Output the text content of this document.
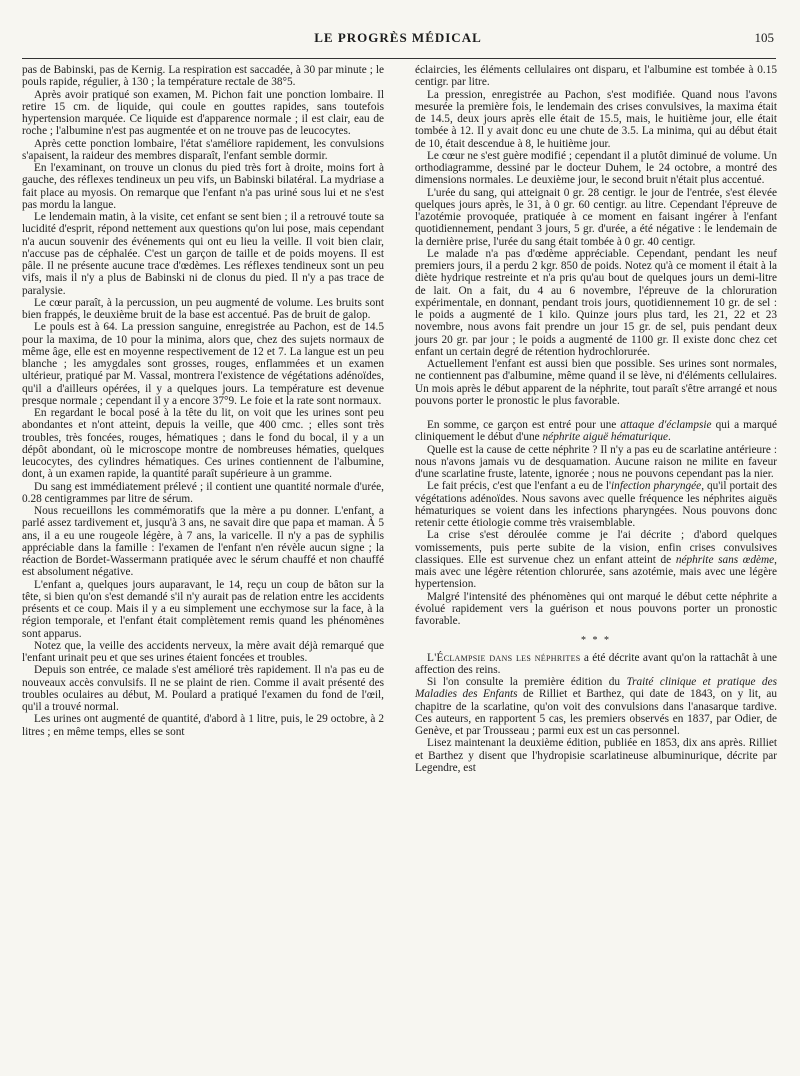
LE PROGRÈS MÉDICAL	105

pas de Babinski, pas de Kernig. La respiration est saccadée, à 30 par minute ; le pouls rapide, régulier, à 130 ; la température rectale de 38°5.

Après avoir pratiqué son examen, M. Pichon fait une ponction lombaire. Il retire 15 cm. de liquide, qui coule en gouttes rapides, sans toutefois hypertension marquée. Ce liquide est d'apparence normale ; il est clair, eau de roche ; l'albumine n'est pas augmentée et on ne trouve pas de leucocytes.

Après cette ponction lombaire, l'état s'améliore rapidement, les convulsions s'apaisent, la raideur des membres disparaît, l'enfant semble dormir.

En l'examinant, on trouve un clonus du pied très fort à droite, moins fort à gauche, des réflexes tendineux un peu vifs, un Babinski bilatéral. La mydriase a fait place au myosis. On remarque que l'enfant n'a pas uriné sous lui et ne s'est pas mordu la langue.

Le lendemain matin, à la visite, cet enfant se sent bien ; il a retrouvé toute sa lucidité d'esprit, répond nettement aux questions qu'on lui pose, mais cependant n'a aucun souvenir des événements qui ont eu lieu la veille. Il voit bien clair, n'accuse pas de céphalée. C'est un garçon de taille et de poids moyens. Il est pâle. Il ne présente aucune trace d'œdèmes. Les réflexes tendineux sont un peu vifs, mais il n'y a plus de Babinski ni de clonus du pied. Il n'y a pas trace de paralysie.

Le cœur paraît, à la percussion, un peu augmenté de volume. Les bruits sont bien frappés, le deuxième bruit de la base est accentué. Pas de bruit de galop.

Le pouls est à 64. La pression sanguine, enregistrée au Pachon, est de 14.5 pour la maxima, de 10 pour la minima, alors que, chez des sujets normaux de même âge, elle est en moyenne respectivement de 12 et 7. La langue est un peu blanche ; les amygdales sont grosses, rouges, enflammées et un examen ultérieur, pratiqué par M. Vassal, montrera l'existence de végétations adénoïdes, qu'il a d'ailleurs opérées, il y a quelques jours. La température est devenue presque normale ; cependant il y a encore 37°9. Le foie et la rate sont normaux.

En regardant le bocal posé à la tête du lit, on voit que les urines sont peu abondantes et n'ont atteint, depuis la veille, que 400 cmc. ; elles sont très troubles, très foncées, rouges, hématiques ; dans le fond du bocal, il y a un dépôt abondant, où le microscope montre de nombreuses hématies, quelques leucocytes, des cylindres hématiques. Ces urines contiennent de l'albumine, dont, à un examen rapide, la quantité paraît supérieure à un gramme.

Du sang est immédiatement prélevé ; il contient une quantité normale d'urée, 0.28 centigrammes par litre de sérum.

Nous recueillons les commémoratifs que la mère a pu donner. L'enfant, a parlé assez tardivement et, jusqu'à 3 ans, ne savait dire que papa et maman. À 5 ans, il a eu une rougeole légère, à 7 ans, la varicelle. Il n'y a pas de syphilis appréciable dans la famille : l'examen de l'enfant n'en révèle aucun signe ; la réaction de Bordet-Wassermann pratiquée avec le sérum chauffé et non chauffé est absolument négative.

L'enfant a, quelques jours auparavant, le 14, reçu un coup de bâton sur la tête, si bien qu'on s'est demandé s'il n'y aurait pas de relation entre les accidents présents et ce coup. Mais il y a eu simplement une ecchymose sur la face, à la région temporale, et l'enfant était complètement remis quand les phénomènes sont apparus.

Notez que, la veille des accidents nerveux, la mère avait déjà remarqué que l'enfant urinait peu et que ses urines étaient foncées et troubles.

Depuis son entrée, ce malade s'est amélioré très rapidement. Il n'a pas eu de nouveaux accès convulsifs. Il ne se plaint de rien. Comme il avait présenté des troubles oculaires au début, M. Poulard a pratiqué l'examen du fond de l'œil, qu'il a trouvé normal.

Les urines ont augmenté de quantité, d'abord à 1 litre, puis, le 29 octobre, à 2 litres ; en même temps, elles se sont

éclaircies, les éléments cellulaires ont disparu, et l'albumine est tombée à 0.15 centigr. par litre.

La pression, enregistrée au Pachon, s'est modifiée. Quand nous l'avons mesurée la première fois, le lendemain des crises convulsives, la maxima était de 14.5, deux jours après elle était de 15.5, mais, le huitième jour, elle était tombée à 12. Il y avait donc eu une chute de 3.5. La minima, qui au début était de 10, était descendue à 8, le huitième jour.

Le cœur ne s'est guère modifié ; cependant il a plutôt diminué de volume. Un orthodiagramme, dessiné par le docteur Duhem, le 24 octobre, a montré des dimensions normales. Le deuxième jour, le second bruit n'était plus accentué.

L'urée du sang, qui atteignait 0 gr. 28 centigr. le jour de l'entrée, s'est élevée quelques jours après, le 31, à 0 gr. 60 centigr. au litre. Cependant l'épreuve de l'azotémie provoquée, pratiquée à ce moment en faisant ingérer à l'enfant quotidiennement, pendant 3 jours, 5 gr. d'urée, a été négative : le lendemain de la dernière prise, l'urée du sang était tombée à 0 gr. 40 centigr.

Le malade n'a pas d'œdème appréciable. Cependant, pendant les neuf premiers jours, il a perdu 2 kgr. 850 de poids. Notez qu'à ce moment il était à la diète hydrique restreinte et n'a pris qu'au bout de quelques jours un demi-litre de lait. On a fait, du 4 au 6 novembre, l'épreuve de la chloruration expérimentale, en donnant, pendant trois jours, quotidiennement 10 gr. de sel : le poids a augmenté de 1 kilo. Quinze jours plus tard, les 21, 22 et 23 novembre, nous avons fait prendre un jour 15 gr. de sel, puis pendant deux jours 20 gr. par jour ; le poids a augmenté de 1100 gr. Il existe donc chez cet enfant un certain degré de rétention hydrochlorurée.

Actuellement l'enfant est aussi bien que possible. Ses urines sont normales, ne contiennent pas d'albumine, même quand il se lève, ni d'éléments cellulaires. Un mois après le début apparent de la néphrite, tout paraît s'être arrangé et nous pouvons porter le pronostic le plus favorable.

En somme, ce garçon est entré pour une attaque d'éclampsie qui a marqué cliniquement le début d'une néphrite aiguë hématurique.

Quelle est la cause de cette néphrite ? Il n'y a pas eu de scarlatine antérieure : nous n'avons jamais vu de desquamation. Aucune raison ne milite en faveur d'une scarlatine fruste, latente, ignorée ; nous ne pouvons cependant pas la nier.

Le fait précis, c'est que l'enfant a eu de l'infection pharyngée, qu'il portait des végétations adénoïdes. Nous savons avec quelle fréquence les néphrites aiguës hématuriques se voient dans les infections pharyngées. Nous pouvons donc retenir cette étiologie comme très vraisemblable.

La crise s'est déroulée comme je l'ai décrite ; d'abord quelques vomissements, puis perte subite de la vision, enfin crises convulsives classiques. Elle est survenue chez un enfant atteint de néphrite sans œdème, mais avec une légère rétention chlorurée, sans azotémie, mais avec une légère hypertension.

Malgré l'intensité des phénomènes qui ont marqué le début cette néphrite a évolué rapidement vers la guérison et nous pouvons porter un pronostic favorable.

* * *

L'Éclampsie dans les néphrites a été décrite avant qu'on la rattachât à une affection des reins.

Si l'on consulte la première édition du Traité clinique et pratique des Maladies des Enfants de Rilliet et Barthez, qui date de 1843, on y lit, au chapitre de la scarlatine, qu'on voit des convulsions dans l'anasarque tardive. Ces auteurs, en rapportent 5 cas, les premiers observés en 1837, par Odier, de Genève, et par Trousseau ; parmi eux est un cas personnel.

Lisez maintenant la deuxième édition, publiée en 1853, dix ans après. Rilliet et Barthez y disent que l'hydropisie scarlatineuse albuminurique, décrite par Legendre, est
